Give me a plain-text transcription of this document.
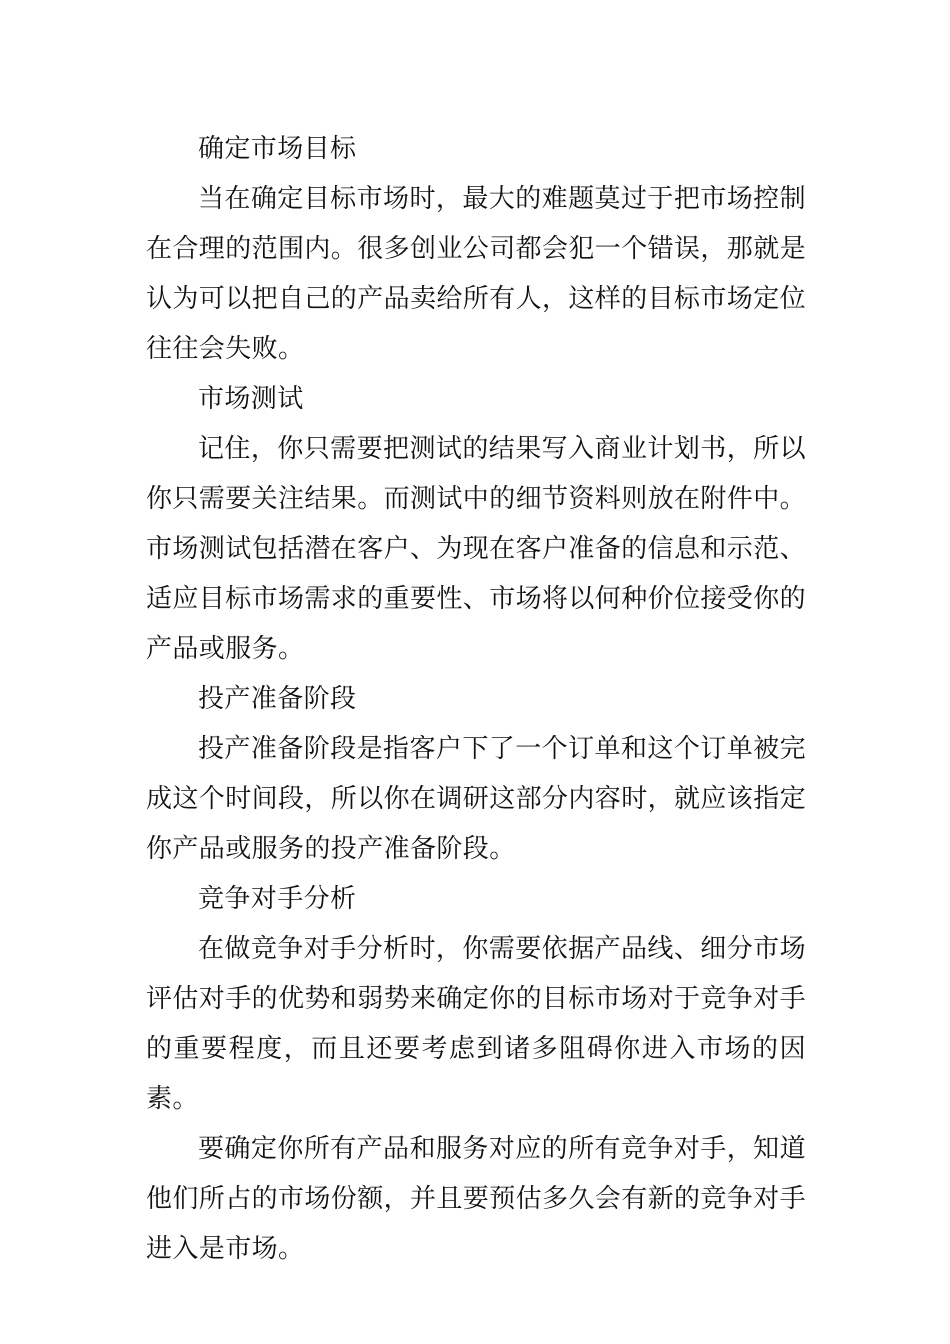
确定市场目标

当在确定目标市场时，最大的难题莫过于把市场控制在合理的范围内。很多创业公司都会犯一个错误，那就是认为可以把自己的产品卖给所有人，这样的目标市场定位往往会失败。

市场测试

记住，你只需要把测试的结果写入商业计划书，所以你只需要关注结果。而测试中的细节资料则放在附件中。市场测试包括潜在客户、为现在客户准备的信息和示范、适应目标市场需求的重要性、市场将以何种价位接受你的产品或服务。

投产准备阶段

投产准备阶段是指客户下了一个订单和这个订单被完成这个时间段，所以你在调研这部分内容时，就应该指定你产品或服务的投产准备阶段。

竞争对手分析

在做竞争对手分析时，你需要依据产品线、细分市场评估对手的优势和弱势来确定你的目标市场对于竞争对手的重要程度，而且还要考虑到诸多阻碍你进入市场的因素。

要确定你所有产品和服务对应的所有竞争对手，知道他们所占的市场份额，并且要预估多久会有新的竞争对手进入是市场。
